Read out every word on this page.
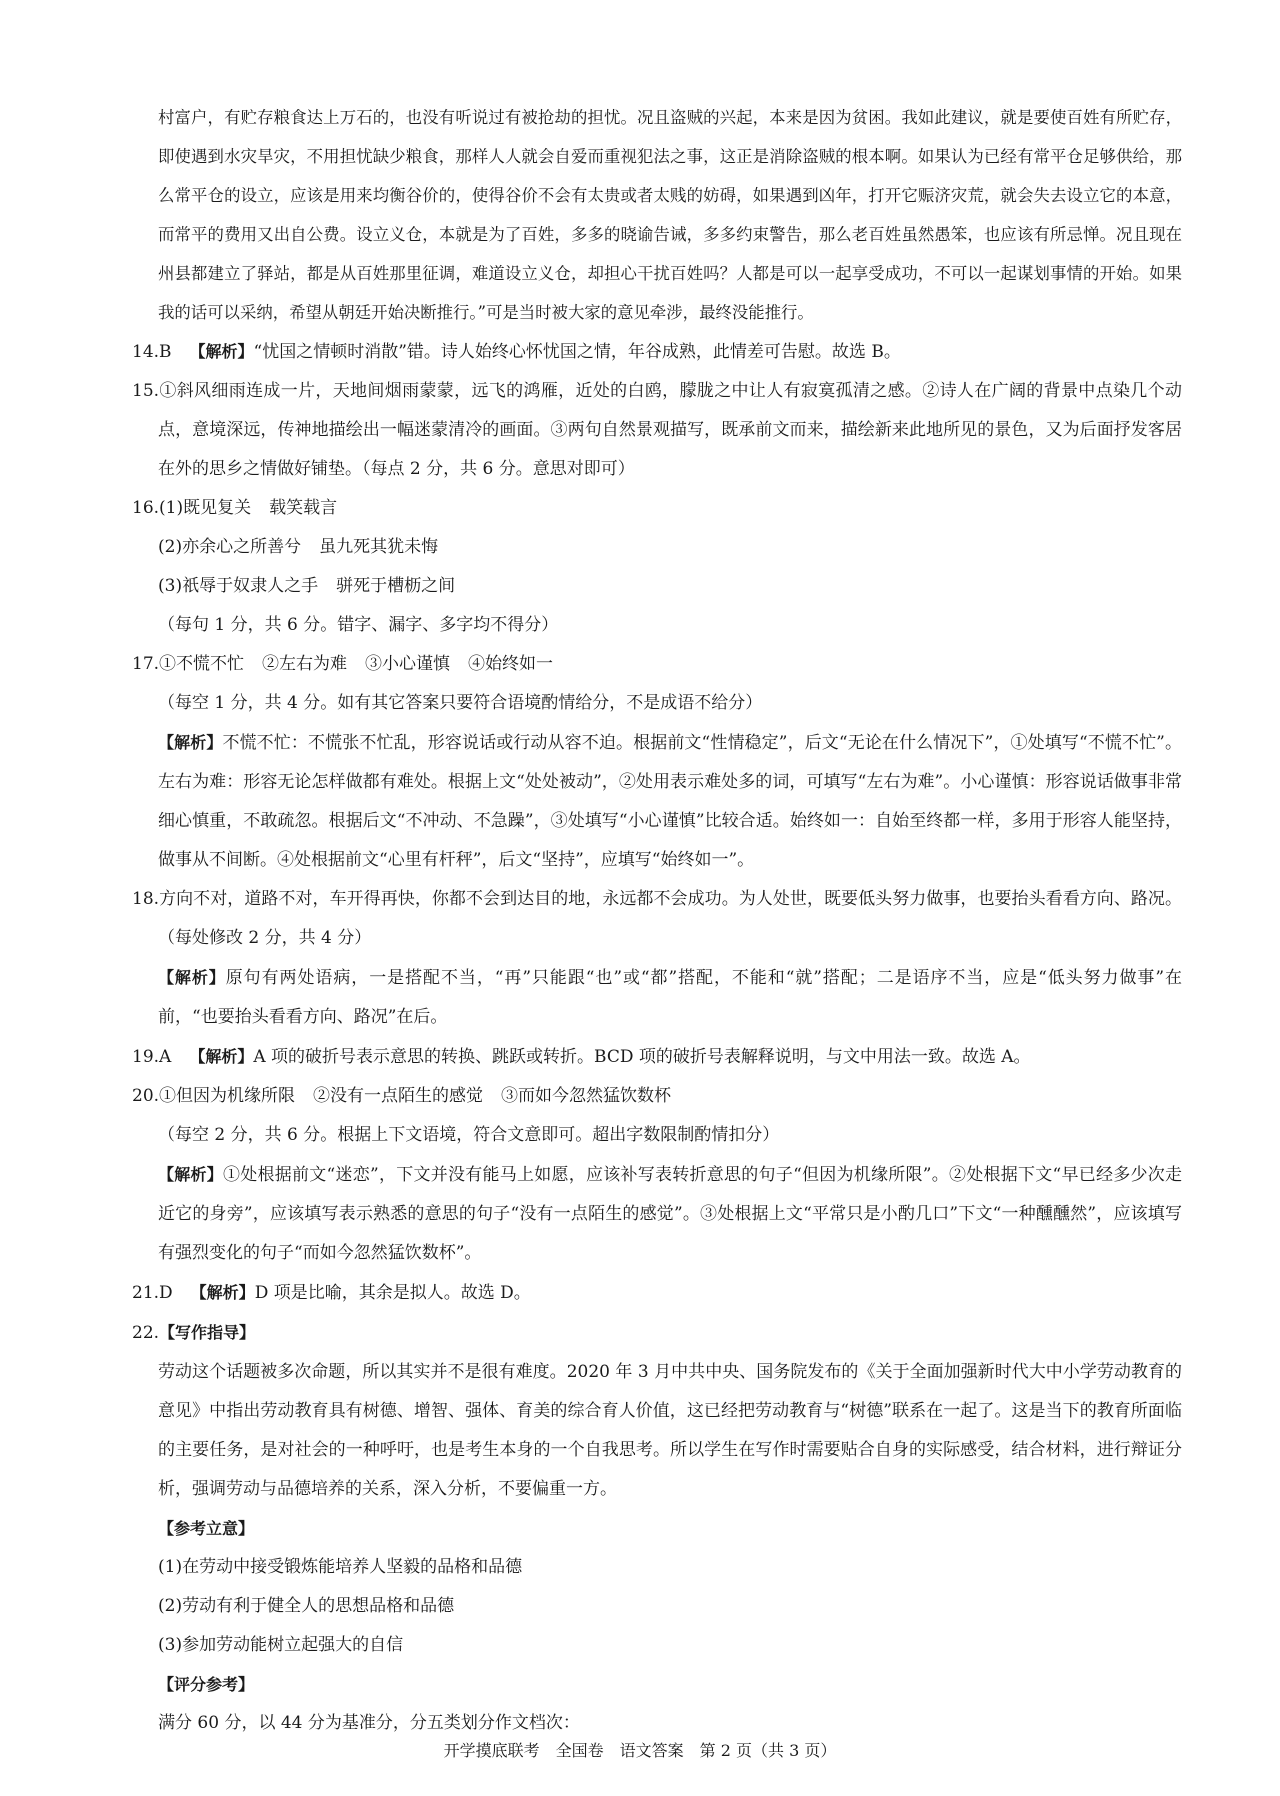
村富户，有贮存粮食达上万石的，也没有听说过有被抢劫的担忧。况且盗贼的兴起，本来是因为贫困。我如此建议，就是要使百姓有所贮存，即使遇到水灾旱灾，不用担忧缺少粮食，那样人人就会自爱而重视犯法之事，这正是消除盗贼的根本啊。如果认为已经有常平仓足够供给，那么常平仓的设立，应该是用来均衡谷价的，使得谷价不会有太贵或者太贱的妨碍，如果遇到凶年，打开它赈济灾荒，就会失去设立它的本意，而常平的费用又出自公费。设立义仓，本就是为了百姓，多多的晓谕告诫，多多约束警告，那么老百姓虽然愚笨，也应该有所忌惮。况且现在州县都建立了驿站，都是从百姓那里征调，难道设立义仓，却担心干扰百姓吗？人都是可以一起享受成功，不可以一起谋划事情的开始。如果我的话可以采纳，希望从朝廷开始决断推行。”可是当时被大家的意见牵涉，最终没能推行。

14.B 【解析】“忧国之情顿时消散”错。诗人始终心怀忧国之情，年谷成熟，此情差可告慰。故选 B。

15.①斜风细雨连成一片，天地间烟雨蒙蒙，远飞的鸿雁，近处的白鸥，朦胧之中让人有寂寞孤清之感。②诗人在广阔的背景中点染几个动点，意境深远，传神地描绘出一幅迷蒙清冷的画面。③两句自然景观描写，既承前文而来，描绘新来此地所见的景色，又为后面抒发客居在外的思乡之情做好铺垫。（每点 2 分，共 6 分。意思对即可）

16.(1)既见复关 载笑载言

(2)亦余心之所善兮 虽九死其犹未悔

(3)祇辱于奴隶人之手 骈死于槽枥之间

（每句 1 分，共 6 分。错字、漏字、多字均不得分）

17.①不慌不忙 ②左右为难 ③小心谨慎 ④始终如一

（每空 1 分，共 4 分。如有其它答案只要符合语境酌情给分，不是成语不给分）

【解析】不慌不忙：不慌张不忙乱，形容说话或行动从容不迫。根据前文“性情稳定”，后文“无论在什么情况下”，①处填写“不慌不忙”。左右为难：形容无论怎样做都有难处。根据上文“处处被动”，②处用表示难处多的词，可填写“左右为难”。小心谨慎：形容说话做事非常细心慎重，不敢疏忽。根据后文“不冲动、不急躁”，③处填写“小心谨慎”比较合适。始终如一：自始至终都一样，多用于形容人能坚持，做事从不间断。④处根据前文“心里有杆秤”，后文“坚持”，应填写“始终如一”。

18.方向不对，道路不对，车开得再快，你都不会到达目的地，永远都不会成功。为人处世，既要低头努力做事，也要抬头看看方向、路况。（每处修改 2 分，共 4 分）

【解析】原句有两处语病，一是搭配不当，“再”只能跟“也”或“都”搭配，不能和“就”搭配；二是语序不当，应是“低头努力做事”在前，“也要抬头看看方向、路况”在后。

19.A 【解析】A 项的破折号表示意思的转换、跳跃或转折。BCD 项的破折号表解释说明，与文中用法一致。故选 A。

20.①但因为机缘所限 ②没有一点陌生的感觉 ③而如今忽然猛饮数杯

（每空 2 分，共 6 分。根据上下文语境，符合文意即可。超出字数限制酌情扣分）

【解析】①处根据前文“迷恋”，下文并没有能马上如愿，应该补写表转折意思的句子“但因为机缘所限”。②处根据下文“早已经多少次走近它的身旁”，应该填写表示熟悉的意思的句子“没有一点陌生的感觉”。③处根据上文“平常只是小酌几口”下文“一种醺醺然”，应该填写有强烈变化的句子“而如今忽然猛饮数杯”。

21.D 【解析】D 项是比喻，其余是拟人。故选 D。

22.【写作指导】

劳动这个话题被多次命题，所以其实并不是很有难度。2020 年 3 月中共中央、国务院发布的《关于全面加强新时代大中小学劳动教育的意见》中指出劳动教育具有树德、增智、强体、育美的综合育人价值，这已经把劳动教育与“树德”联系在一起了。这是当下的教育所面临的主要任务，是对社会的一种呼吁，也是考生本身的一个自我思考。所以学生在写作时需要贴合自身的实际感受，结合材料，进行辩证分析，强调劳动与品德培养的关系，深入分析，不要偏重一方。

【参考立意】

(1)在劳动中接受锻炼能培养人坚毅的品格和品德

(2)劳动有利于健全人的思想品格和品德

(3)参加劳动能树立起强大的自信

【评分参考】

满分 60 分，以 44 分为基准分，分五类划分作文档次：

开学摸底联考　全国卷　语文答案　第 2 页（共 3 页）
